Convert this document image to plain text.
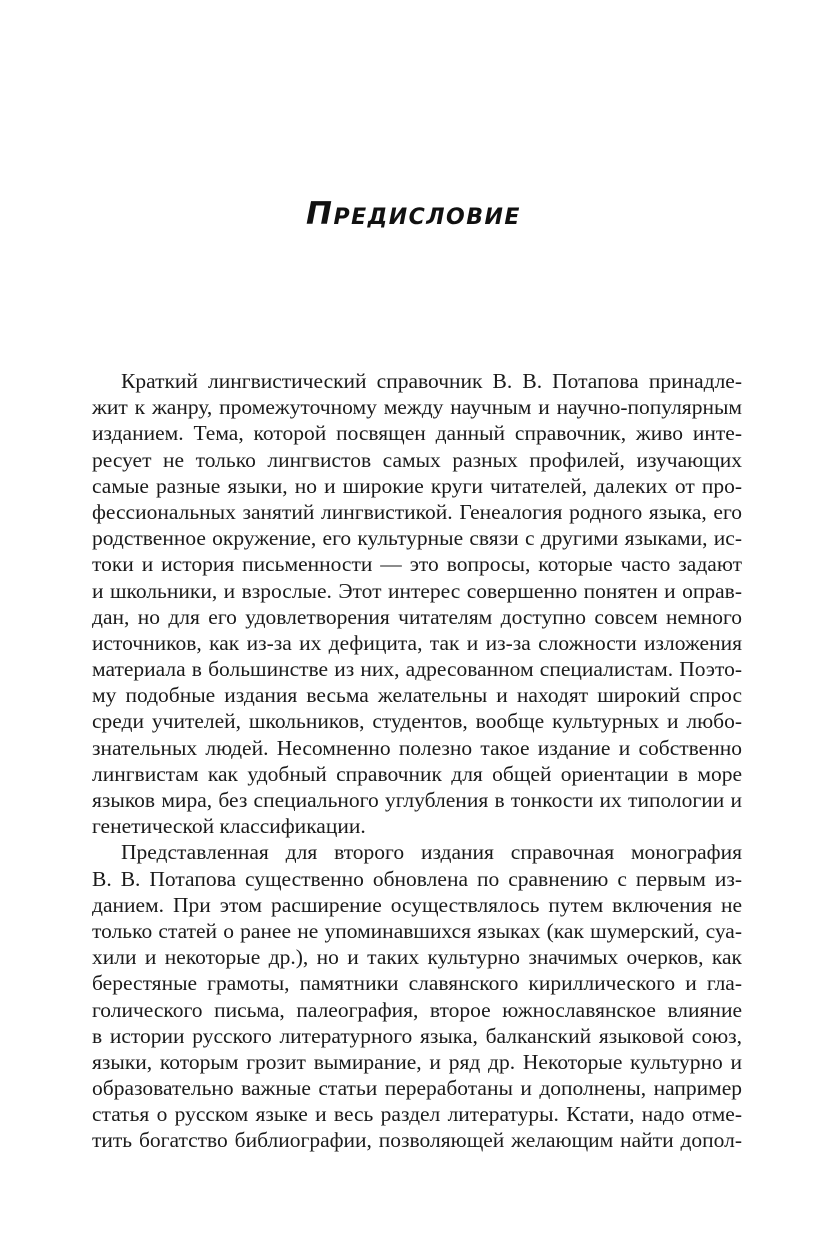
Предисловие
Краткий лингвистический справочник В. В. Потапова принадле-
жит к жанру, промежуточному между научным и научно-популярным
изданием. Тема, которой посвящен данный справочник, живо инте-
ресует не только лингвистов самых разных профилей, изучающих
самые разные языки, но и широкие круги читателей, далеких от про-
фессиональных занятий лингвистикой. Генеалогия родного языка, его
родственное окружение, его культурные связи с другими языками, ис-
токи и история письменности — это вопросы, которые часто задают
и школьники, и взрослые. Этот интерес совершенно понятен и оправ-
дан, но для его удовлетворения читателям доступно совсем немного
источников, как из-за их дефицита, так и из-за сложности изложения
материала в большинстве из них, адресованном специалистам. Поэто-
му подобные издания весьма желательны и находят широкий спрос
среди учителей, школьников, студентов, вообще культурных и любо-
знательных людей. Несомненно полезно такое издание и собственно
лингвистам как удобный справочник для общей ориентации в море
языков мира, без специального углубления в тонкости их типологии и
генетической классификации.
Представленная для второго издания справочная монография
В. В. Потапова существенно обновлена по сравнению с первым из-
данием. При этом расширение осуществлялось путем включения не
только статей о ранее не упоминавшихся языках (как шумерский, суа-
хили и некоторые др.), но и таких культурно значимых очерков, как
берестяные грамоты, памятники славянского кириллического и гла-
голического письма, палеография, второе южнославянское влияние
в истории русского литературного языка, балканский языковой союз,
языки, которым грозит вымирание, и ряд др. Некоторые культурно и
образовательно важные статьи переработаны и дополнены, например
статья о русском языке и весь раздел литературы. Кстати, надо отме-
тить богатство библиографии, позволяющей желающим найти допол-
